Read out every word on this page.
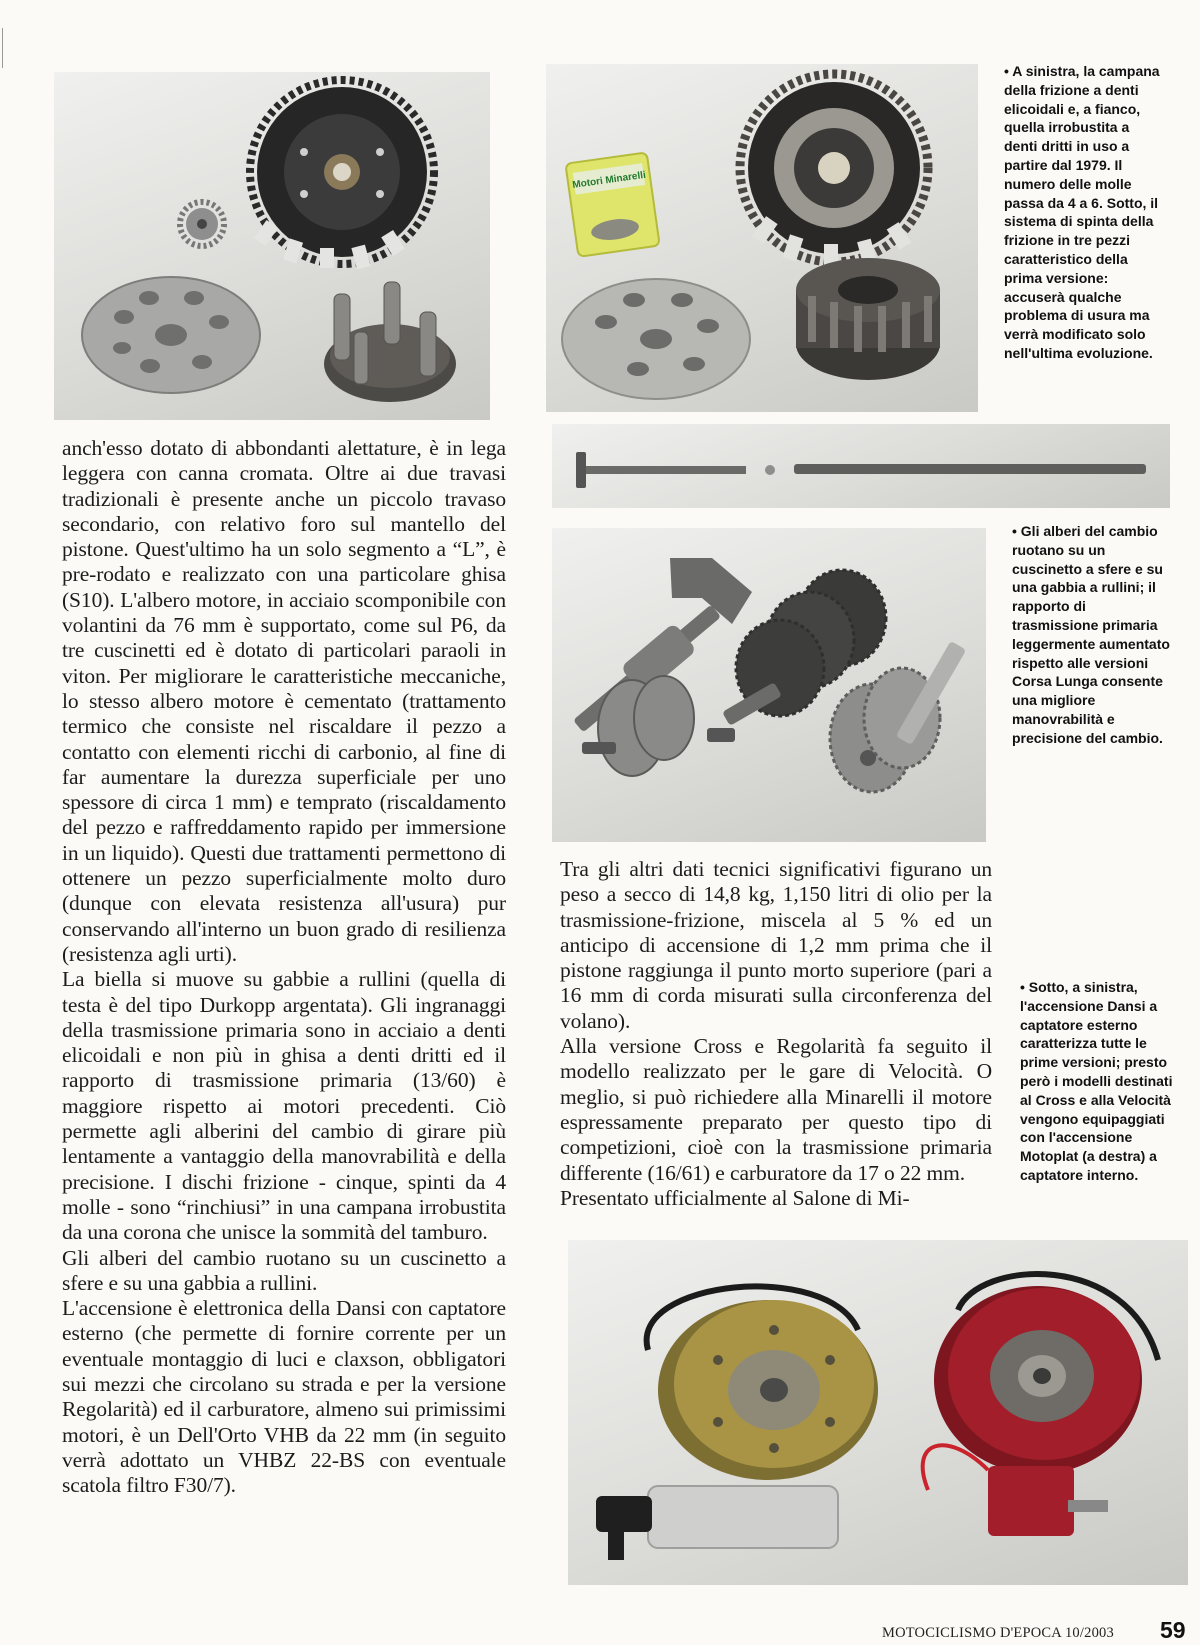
Motori Minarelli
• A sinistra, la campana della frizione a denti elicoidali e, a fianco, quella irrobustita a denti dritti in uso a partire dal 1979. Il numero delle molle passa da 4 a 6. Sotto, il sistema di spinta della frizione in tre pezzi caratteristico della prima versione: accuserà qualche problema di usura ma verrà modificato solo nell'ultima evoluzione.
• Gli alberi del cambio ruotano su un cuscinetto a sfere e su una gabbia a rullini; il rapporto di trasmissione primaria leggermente aumentato rispetto alle versioni Corsa Lunga consente una migliore manovrabilità e precisione del cambio.
• Sotto, a sinistra, l'accensione Dansi a captatore esterno caratterizza tutte le prime versioni; presto però i modelli destinati al Cross e alla Velocità vengono equipaggiati con l'accensione Motoplat (a destra) a captatore interno.

anch'esso dotato di abbondanti alettature, è in lega leggera con canna cromata. Oltre ai due travasi tradizionali è presente anche un piccolo travaso secondario, con relativo foro sul mantello del pistone. Quest'ultimo ha un solo segmento a “L”, è pre-rodato e realizzato con una particolare ghisa (S10). L'albero motore, in acciaio scomponibile con volantini da 76 mm è supportato, come sul P6, da tre cuscinetti ed è dotato di particolari paraoli in viton. Per migliorare le caratteristiche meccaniche, lo stesso albero motore è cementato (trattamento termico che consiste nel riscaldare il pezzo a contatto con elementi ricchi di carbonio, al fine di far aumentare la durezza superficiale per uno spessore di circa 1 mm) e temprato (riscaldamento del pezzo e raffreddamento rapido per immersione in un liquido). Questi due trattamenti permettono di ottenere un pezzo superficialmente molto duro (dunque con elevata resistenza all'usura) pur conservando all'interno un buon grado di resilienza (resistenza agli urti).

La biella si muove su gabbie a rullini (quella di testa è del tipo Durkopp argentata). Gli ingranaggi della trasmissione primaria sono in acciaio a denti elicoidali e non più in ghisa a denti dritti ed il rapporto di trasmissione primaria (13/60) è maggiore rispetto ai motori precedenti. Ciò permette agli alberini del cambio di girare più lentamente a vantaggio della manovrabilità e della precisione. I dischi frizione - cinque, spinti da 4 molle - sono “rinchiusi” in una campana irrobustita da una corona che unisce la sommità del tamburo.

Gli alberi del cambio ruotano su un cuscinetto a sfere e su una gabbia a rullini.

L'accensione è elettronica della Dansi con captatore esterno (che permette di fornire corrente per un eventuale montaggio di luci e claxson, obbligatori sui mezzi che circolano su strada e per la versione Regolarità) ed il carburatore, almeno sui primissimi motori, è un Dell'Orto VHB da 22 mm (in seguito verrà adottato un VHBZ 22-BS con eventuale scatola filtro F30/7).

Tra gli altri dati tecnici significativi figurano un peso a secco di 14,8 kg, 1,150 litri di olio per la trasmissione-frizione, miscela al 5 % ed un anticipo di accensione di 1,2 mm prima che il pistone raggiunga il punto morto superiore (pari a 16 mm di corda misurati sulla circonferenza del volano).

Alla versione Cross e Regolarità fa seguito il modello realizzato per le gare di Velocità. O meglio, si può richiedere alla Minarelli il motore espressamente preparato per questo tipo di competizioni, cioè con la trasmissione primaria differente (16/61) e carburatore da 17 o 22 mm.

Presentato ufficialmente al Salone di Mi-

MOTOCICLISMO D'EPOCA 10/2003 59
